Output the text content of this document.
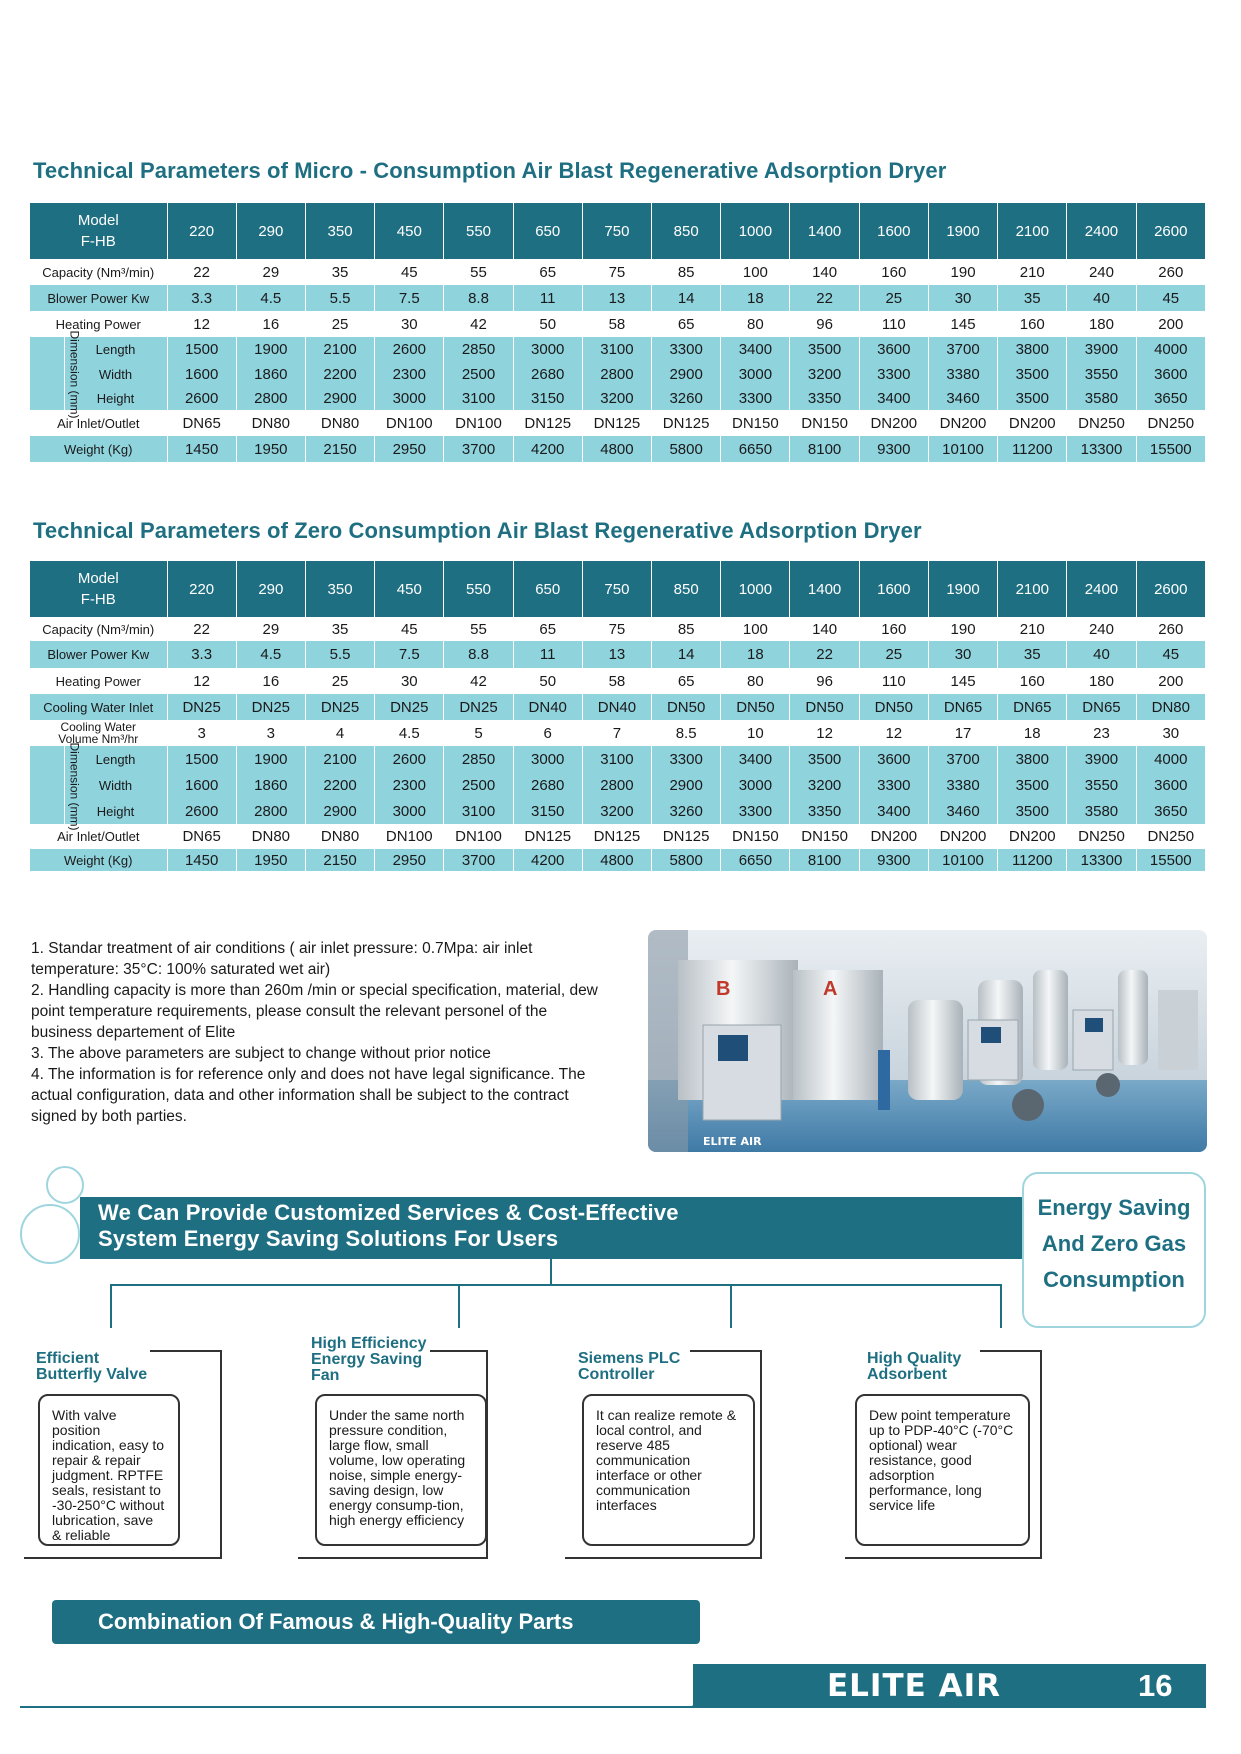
Technical Parameters of Micro - Consumption Air Blast Regenerative Adsorption Dryer
Model
F-HB		220	290	350	450	550	650	750	850	1000	1400	1600	1900	2100	2400	2600
Capacity (Nm³/min)		22	29	35	45	55	65	75	85	100	140	160	190	210	240	260
Blower Power Kw		3.3	4.5	5.5	7.5	8.8	11	13	14	18	22	25	30	35	40	45
Heating Power		12	16	25	30	42	50	58	65	80	96	110	145	160	180	200
Dimension (mm)	Length	1500	1900	2100	2600	2850	3000	3100	3300	3400	3500	3600	3700	3800	3900	4000
	Width	1600	1860	2200	2300	2500	2680	2800	2900	3000	3200	3300	3380	3500	3550	3600
	Height	2600	2800	2900	3000	3100	3150	3200	3260	3300	3350	3400	3460	3500	3580	3650
Air Inlet/Outlet		DN65	DN80	DN80	DN100	DN100	DN125	DN125	DN125	DN150	DN150	DN200	DN200	DN200	DN250	DN250
Weight (Kg)		1450	1950	2150	2950	3700	4200	4800	5800	6650	8100	9300	10100	11200	13300	15500
Technical Parameters of Zero Consumption Air Blast Regenerative Adsorption Dryer
Model
F-HB		220	290	350	450	550	650	750	850	1000	1400	1600	1900	2100	2400	2600
Capacity (Nm³/min)		22	29	35	45	55	65	75	85	100	140	160	190	210	240	260
Blower Power Kw		3.3	4.5	5.5	7.5	8.8	11	13	14	18	22	25	30	35	40	45
Heating Power		12	16	25	30	42	50	58	65	80	96	110	145	160	180	200
Cooling Water Inlet		DN25	DN25	DN25	DN25	DN25	DN40	DN40	DN50	DN50	DN50	DN50	DN65	DN65	DN65	DN80

Cooling Water
Volume Nm³/hr		3	3	4	4.5	5	6	7	8.5	10	12	12	17	18	23	30
Dimension (mm)	Length	1500	1900	2100	2600	2850	3000	3100	3300	3400	3500	3600	3700	3800	3900	4000
	Width	1600	1860	2200	2300	2500	2680	2800	2900	3000	3200	3300	3380	3500	3550	3600
	Height	2600	2800	2900	3000	3100	3150	3200	3260	3300	3350	3400	3460	3500	3580	3650
Air Inlet/Outlet		DN65	DN80	DN80	DN100	DN100	DN125	DN125	DN125	DN150	DN150	DN200	DN200	DN200	DN250	DN250
Weight (Kg)		1450	1950	2150	2950	3700	4200	4800	5800	6650	8100	9300	10100	11200	13300	15500

1. Standar treatment of air conditions ( air inlet pressure: 0.7Mpa: air inlet temperature: 35°C: 100% saturated wet air)

2. Handling capacity is more than 260m /min or special specification, material, dew point temperature requirements, please consult the relevant personel of the business departement of Elite

3. The above parameters are subject to change without prior notice

4. The information is for reference only and does not have legal significance. The actual configuration, data and other information shall be subject to the contract signed by both parties.

B	A
ELITE AIR
We Can Provide Customized Services & Cost-Effective
System Energy Saving Solutions For Users
Energy Saving
And Zero Gas
Consumption
Efficient
Butterfly Valve
With valve position indication, easy to repair & repair judgment. RPTFE seals, resistant to -30-250°C without lubrication, save & reliable
High Efficiency
Energy Saving
Fan
Under the same north pressure condition, large flow, small volume, low operating noise, simple energy-saving design, low energy consump-tion, high energy efficiency
Siemens PLC
Controller
It can realize remote & local control, and reserve 485 communication interface or other communication interfaces
High Quality
Adsorbent
Dew point temperature up to PDP-40°C (-70°C optional) wear resistance, good adsorption performance, long service life
Combination Of Famous & High-Quality Parts
ELITE AIR	16
